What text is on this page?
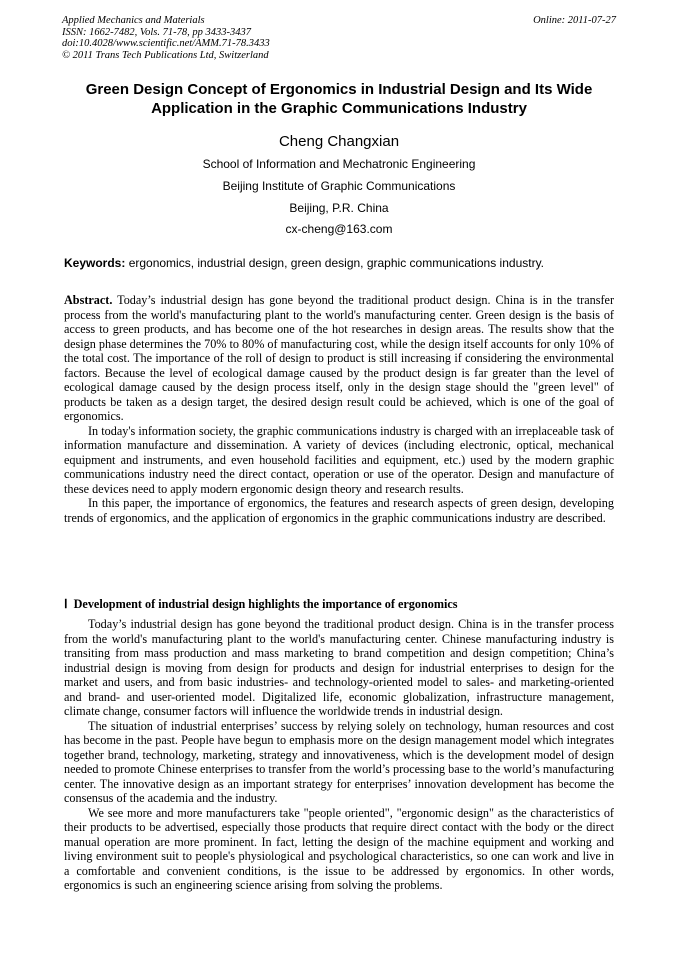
Applied Mechanics and Materials
ISSN: 1662-7482, Vols. 71-78, pp 3433-3437
doi:10.4028/www.scientific.net/AMM.71-78.3433
© 2011 Trans Tech Publications Ltd, Switzerland
Online: 2011-07-27
Green Design Concept of Ergonomics in Industrial Design and Its Wide
Application in the Graphic Communications Industry
Cheng Changxian
School of Information and Mechatronic Engineering
Beijing Institute of Graphic Communications
Beijing, P.R. China
cx-cheng@163.com
Keywords: ergonomics, industrial design, green design, graphic communications industry.

Abstract. Today’s industrial design has gone beyond the traditional product design. China is in the transfer process from the world's manufacturing plant to the world's manufacturing center. Green design is the basis of access to green products, and has become one of the hot researches in design areas. The results show that the design phase determines the 70% to 80% of manufacturing cost, while the design itself accounts for only 10% of the total cost. The importance of the roll of design to product is still increasing if considering the environmental factors. Because the level of ecological damage caused by the product design is far greater than the level of ecological damage caused by the design process itself, only in the design stage should the "green level" of products be taken as a design target, the desired design result could be achieved, which is one of the goal of ergonomics.

In today's information society, the graphic communications industry is charged with an irreplaceable task of information manufacture and dissemination. A variety of devices (including electronic, optical, mechanical equipment and instruments, and even household facilities and equipment, etc.) used by the modern graphic communications industry need the direct contact, operation or use of the operator. Design and manufacture of these devices need to apply modern ergonomic design theory and research results.

In this paper, the importance of ergonomics, the features and research aspects of green design, developing trends of ergonomics, and the application of ergonomics in the graphic communications industry are described.

Ⅰ Development of industrial design highlights the importance of ergonomics

Today’s industrial design has gone beyond the traditional product design. China is in the transfer process from the world's manufacturing plant to the world's manufacturing center. Chinese manufacturing industry is transiting from mass production and mass marketing to brand competition and design competition; China’s industrial design is moving from design for products and design for industrial enterprises to design for the market and users, and from basic industries- and technology-oriented model to sales- and marketing-oriented and brand- and user-oriented model. Digitalized life, economic globalization, infrastructure management, climate change, consumer factors will influence the worldwide trends in industrial design.

The situation of industrial enterprises’ success by relying solely on technology, human resources and cost has become in the past. People have begun to emphasis more on the design management model which integrates together brand, technology, marketing, strategy and innovativeness, which is the development model of design needed to promote Chinese enterprises to transfer from the world’s processing base to the world’s manufacturing center. The innovative design as an important strategy for enterprises’ innovation development has become the consensus of the academia and the industry.

We see more and more manufacturers take "people oriented", "ergonomic design" as the characteristics of their products to be advertised, especially those products that require direct contact with the body or the direct manual operation are more prominent. In fact, letting the design of the machine equipment and working and living environment suit to people's physiological and psychological characteristics, so one can work and live in a comfortable and convenient conditions, is the issue to be addressed by ergonomics. In other words, ergonomics is such an engineering science arising from solving the problems.
